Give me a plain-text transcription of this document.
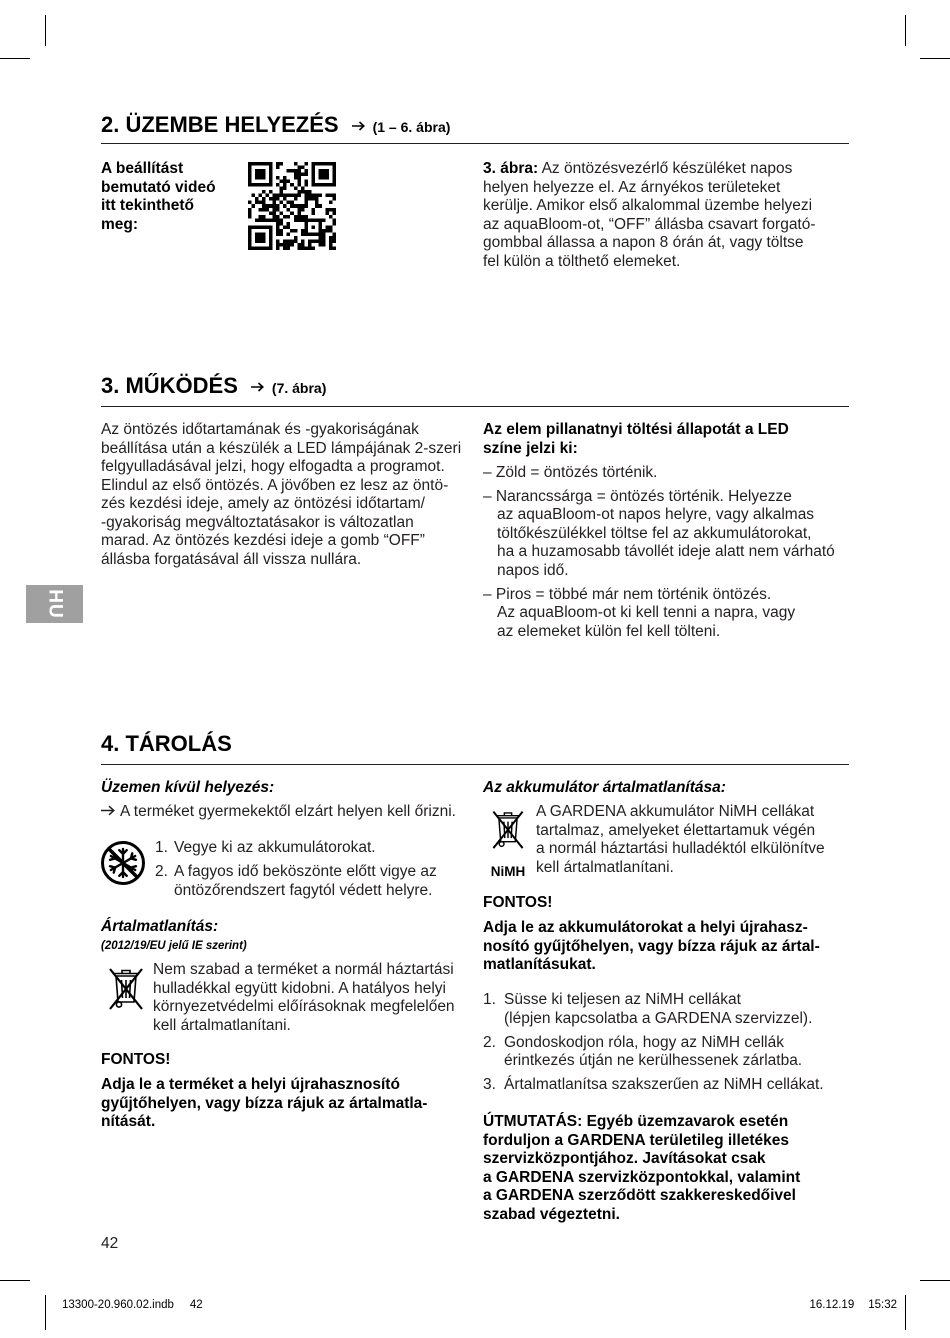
2. ÜZEMBE HELYEZÉS (1 – 6. ábra)
A beállítást
bemutató videó
itt tekinthető
meg:
3. ábra: Az öntözésvezérlő készüléket napos
helyen helyezze el. Az árnyékos területeket
kerülje. Amikor első alkalommal üzembe helyezi
az aquaBloom-ot, “OFF” állásba csavart forgató-
gombbal állassa a napon 8 órán át, vagy töltse
fel külön a tölthető elemeket.
3. MŰKÖDÉS (7. ábra)
Az öntözés időtartamának és -gyakoriságának
beállítása után a készülék a LED lámpájának 2-szeri
felgyulladásával jelzi, hogy elfogadta a programot.
Elindul az első öntözés. A jövőben ez lesz az öntö-
zés kezdési ideje, amely az öntözési időtartam/
-gyakoriság megváltoztatásakor is változatlan
marad. Az öntözés kezdési ideje a gomb “OFF”
állásba forgatásával áll vissza nullára.
Az elem pillanatnyi töltési állapotát a LED
színe jelzi ki:
– Zöld = öntözés történik.
– Narancssárga = öntözés történik. Helyezze
az aquaBloom-ot napos helyre, vagy alkalmas
töltőkészülékkel töltse fel az akkumulátorokat,
ha a huzamosabb távollét ideje alatt nem várható
napos idő.
– Piros = többé már nem történik öntözés.
Az aquaBloom-ot ki kell tenni a napra, vagy
az elemeket külön fel kell tölteni.
HU
4. TÁROLÁS
Üzemen kívül helyezés:
A terméket gyermekektől elzárt helyen kell őrizni.
1. Vegye ki az akkumulátorokat.
2. A fagyos idő beköszönte előtt vigye az
öntözőrendszert fagytól védett helyre.
Ártalmatlanítás:
(2012/19/EU jelű IE szerint)
Nem szabad a terméket a normál háztartási
hulladékkal együtt kidobni. A hatályos helyi
környezetvédelmi előírásoknak megfelelően
kell ártalmatlanítani.
FONTOS!
Adja le a terméket a helyi újrahasznosító
gyűjtőhelyen, vagy bízza rájuk az ártalmatla-
nítását.
Az akkumulátor ártalmatlanítása:
NiMH
A GARDENA akkumulátor NiMH cellákat
tartalmaz, amelyeket élettartamuk végén
a normál háztartási hulladéktól elkülönítve
kell ártalmatlanítani.
FONTOS!
Adja le az akkumulátorokat a helyi újrahasz-
nosító gyűjtőhelyen, vagy bízza rájuk az ártal-
matlanításukat.
1. Süsse ki teljesen az NiMH cellákat
(lépjen kapcsolatba a GARDENA szervizzel).
2. Gondoskodjon róla, hogy az NiMH cellák
érintkezés útján ne kerülhessenek zárlatba.
3. Ártalmatlanítsa szakszerűen az NiMH cellákat.
ÚTMUTATÁS: Egyéb üzemzavarok esetén
forduljon a GARDENA területileg illetékes
szervizközpontjához. Javításokat csak
a GARDENA szervizközpontokkal, valamint
a GARDENA szerződött szakkereskedőivel
szabad végeztetni.
42
13300-20.960.02.indb 42	16.12.19 15:32
